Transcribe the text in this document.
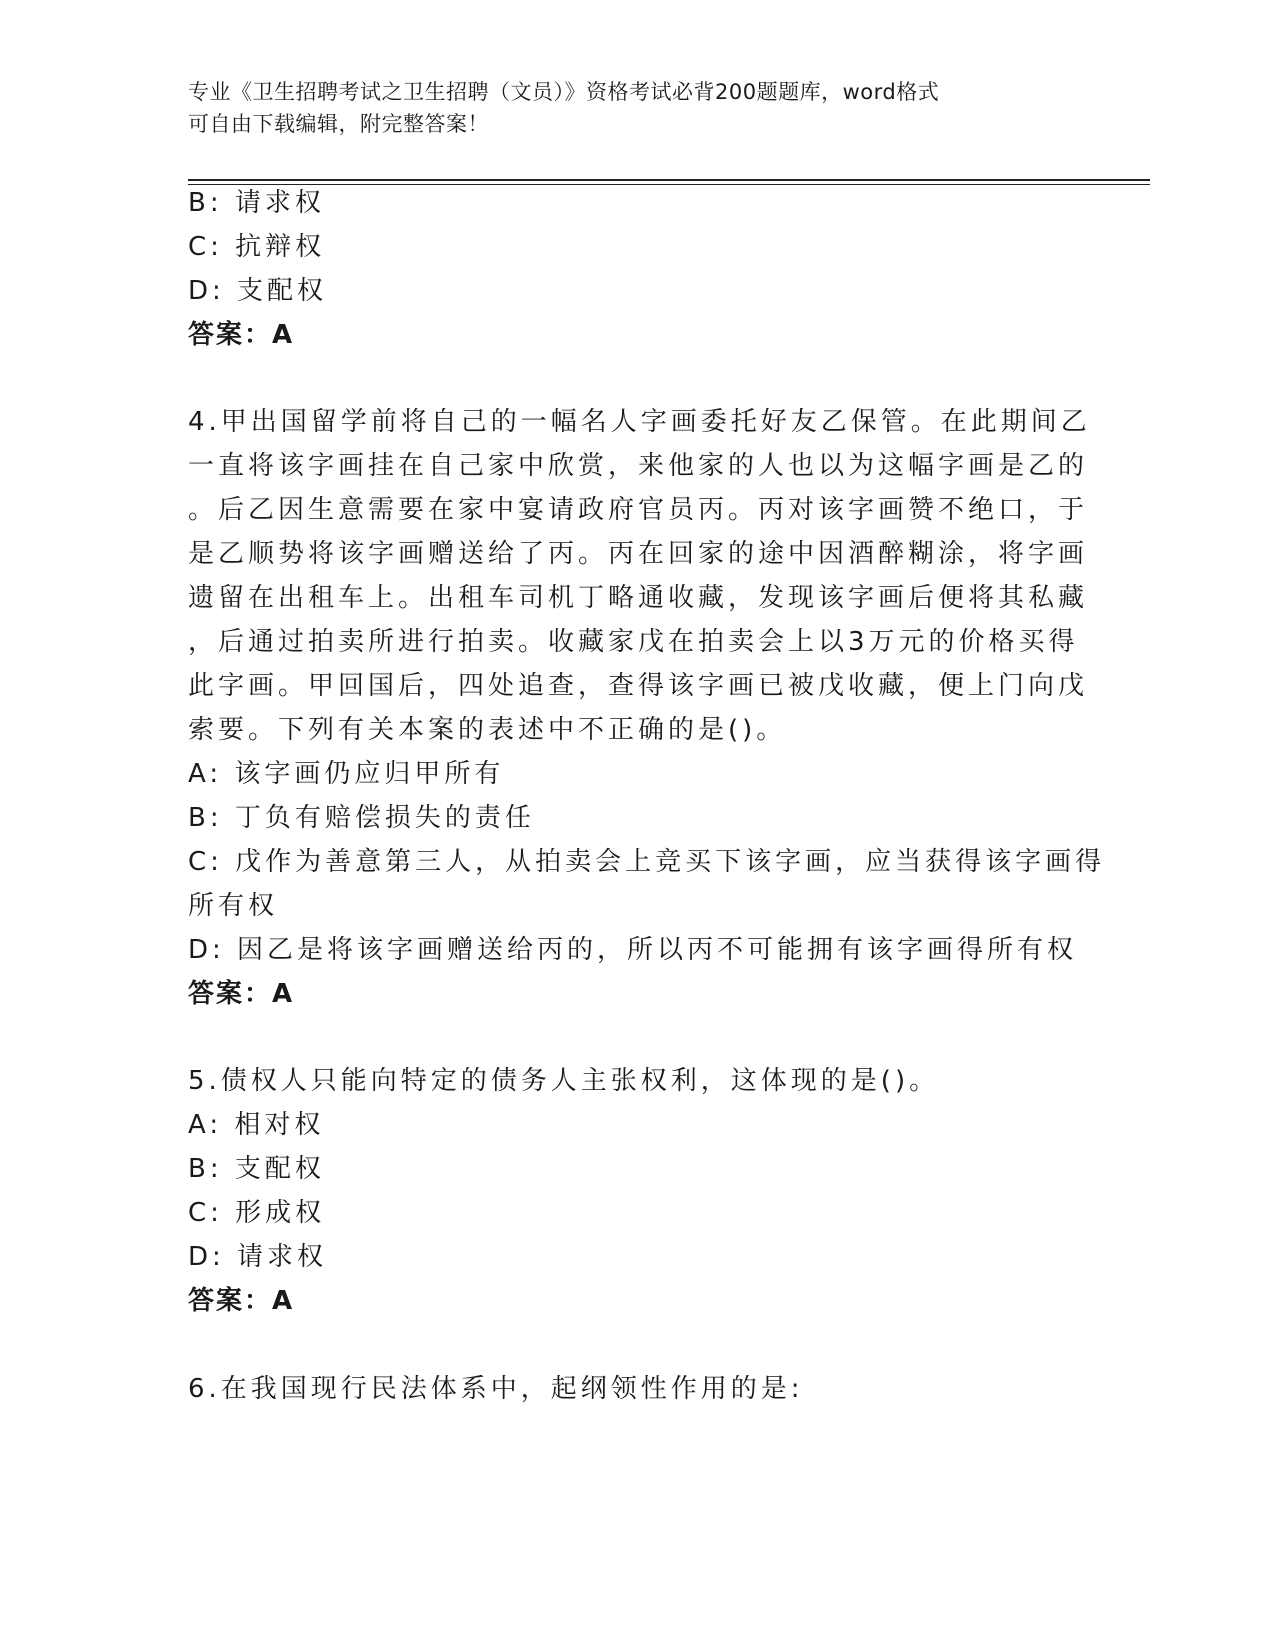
专业《卫生招聘考试之卫生招聘（文员）》资格考试必背200题题库，word格式
可自由下载编辑，附完整答案！
B: 请求权
C: 抗辩权
D: 支配权
答案：A
4.甲出国留学前将自己的一幅名人字画委托好友乙保管。在此期间乙
一直将该字画挂在自己家中欣赏，来他家的人也以为这幅字画是乙的
。后乙因生意需要在家中宴请政府官员丙。丙对该字画赞不绝口，于
是乙顺势将该字画赠送给了丙。丙在回家的途中因酒醉糊涂，将字画
遗留在出租车上。出租车司机丁略通收藏，发现该字画后便将其私藏
，后通过拍卖所进行拍卖。收藏家戊在拍卖会上以3万元的价格买得
此字画。甲回国后，四处追查，查得该字画已被戊收藏，便上门向戊
索要。下列有关本案的表述中不正确的是()。
A: 该字画仍应归甲所有
B: 丁负有赔偿损失的责任
C: 戊作为善意第三人，从拍卖会上竞买下该字画，应当获得该字画得
所有权
D: 因乙是将该字画赠送给丙的，所以丙不可能拥有该字画得所有权
答案：A
5.债权人只能向特定的债务人主张权利，这体现的是()。
A: 相对权
B: 支配权
C: 形成权
D: 请求权
答案：A
6.在我国现行民法体系中，起纲领性作用的是:
